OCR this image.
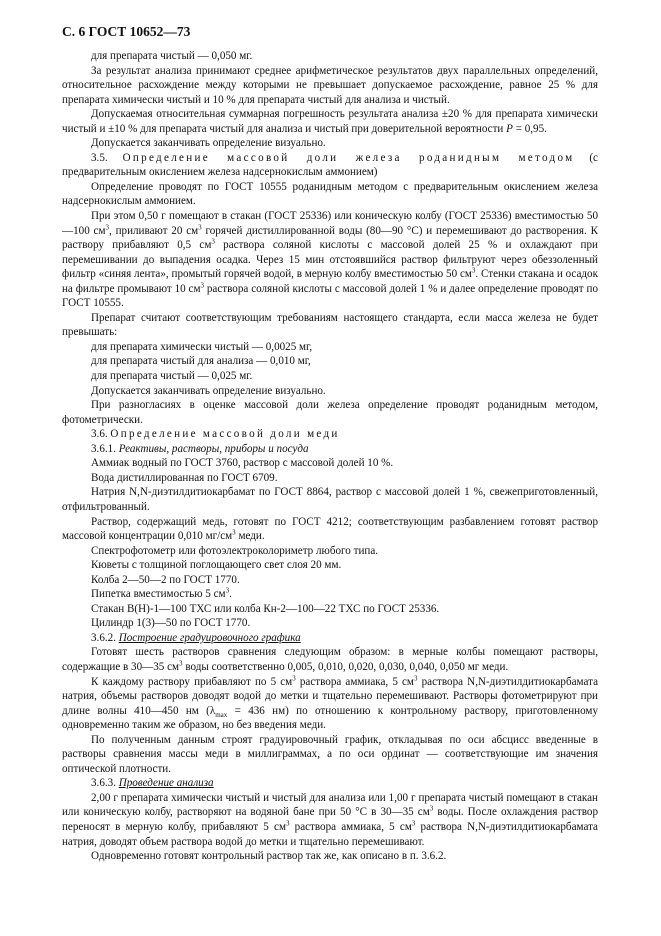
С. 6 ГОСТ 10652—73

для препарата чистый — 0,050 мг.

За результат анализа принимают среднее арифметическое результатов двух параллельных определений, относительное расхождение между которыми не превышает допускаемое расхождение, равное 25 % для препарата химически чистый и 10 % для препарата чистый для анализа и чистый.

Допускаемая относительная суммарная погрешность результата анализа ±20 % для препарата химически чистый и ±10 % для препарата чистый для анализа и чистый при доверительной вероятности P = 0,95.

Допускается заканчивать определение визуально.

3.5. Определение массовой доли железа роданидным методом (с предварительным окислением железа надсернокислым аммонием)

Определение проводят по ГОСТ 10555 роданидным методом с предварительным окислением железа надсернокислым аммонием.

При этом 0,50 г помещают в стакан (ГОСТ 25336) или коническую колбу (ГОСТ 25336) вместимостью 50—100 $см^3$, приливают 20 $см^3$ горячей дистиллированной воды (80—90 °С) и перемешивают до растворения. К раствору прибавляют 0,5 $см^3$ раствора соляной кислоты с массовой долей 25 % и охлаждают при перемешивании до выпадения осадка. Через 15 мин отстоявшийся раствор фильтруют через обеззоленный фильтр «синяя лента», промытый горячей водой, в мерную колбу вместимостью 50 $см^3$. Стенки стакана и осадок на фильтре промывают 10 $см^3$ раствора соляной кислоты с массовой долей 1 % и далее определение проводят по ГОСТ 10555.

Препарат считают соответствующим требованиям настоящего стандарта, если масса железа не будет превышать:

для препарата химически чистый — 0,0025 мг,

для препарата чистый для анализа — 0,010 мг,

для препарата чистый — 0,025 мг.

Допускается заканчивать определение визуально.

При разногласиях в оценке массовой доли железа определение проводят роданидным методом, фотометрически.

3.6. Определение массовой доли меди

3.6.1. Реактивы, растворы, приборы и посуда

Аммиак водный по ГОСТ 3760, раствор с массовой долей 10 %.

Вода дистиллированная по ГОСТ 6709.

Натрия N,N-диэтилдитиокарбамат по ГОСТ 8864, раствор с массовой долей 1 %, свежеприготовленный, отфильтрованный.

Раствор, содержащий медь, готовят по ГОСТ 4212; соответствующим разбавлением готовят раствор массовой концентрации 0,010 $мг/см^3$ меди.

Спектрофотометр или фотоэлектроколориметр любого типа.

Кюветы с толщиной поглощающего свет слоя 20 мм.

Колба 2—50—2 по ГОСТ 1770.

Пипетка вместимостью 5 $см^3$.

Стакан В(Н)-1—100 ТХС или колба Кн-2—100—22 ТХС по ГОСТ 25336.

Цилиндр 1(3)—50 по ГОСТ 1770.

3.6.2. Построение градуировочного графика

Готовят шесть растворов сравнения следующим образом: в мерные колбы помещают растворы, содержащие в 30—35 $см^3$ воды соответственно 0,005, 0,010, 0,020, 0,030, 0,040, 0,050 мг меди.

К каждому раствору прибавляют по 5 $см^3$ раствора аммиака, 5 $см^3$ раствора N,N-диэтилдитиокарбамата натрия, объемы растворов доводят водой до метки и тщательно перемешивают. Растворы фотометрируют при длине волны 410—450 нм ($\lambda_{max} = 436$ нм) по отношению к контрольному раствору, приготовленному одновременно таким же образом, но без введения меди.

По полученным данным строят градуировочный график, откладывая по оси абсцисс введенные в растворы сравнения массы меди в миллиграммах, а по оси ординат — соответствующие им значения оптической плотности.

3.6.3. Проведение анализа

2,00 г препарата химически чистый и чистый для анализа или 1,00 г препарата чистый помещают в стакан или коническую колбу, растворяют на водяной бане при 50 °С в 30—35 $см^3$ воды. После охлаждения раствор переносят в мерную колбу, прибавляют 5 $см^3$ раствора аммиака, 5 $см^3$ раствора N,N-диэтилдитиокарбамата натрия, доводят объем раствора водой до метки и тщательно перемешивают.

Одновременно готовят контрольный раствор так же, как описано в п. 3.6.2.
